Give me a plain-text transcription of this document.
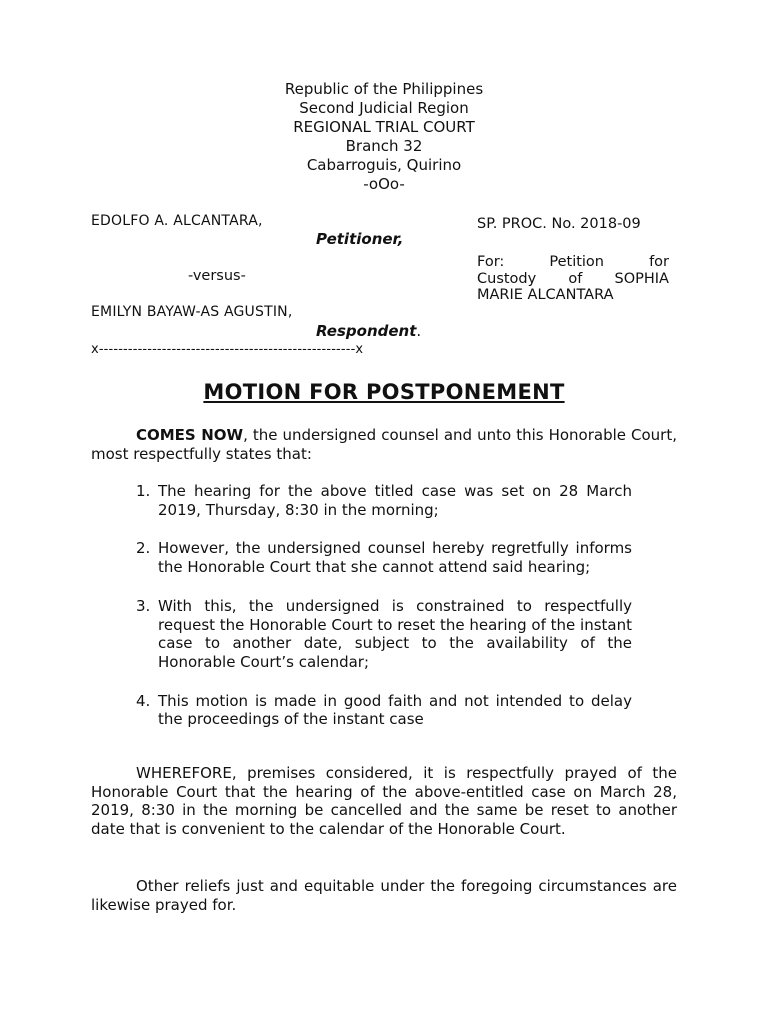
Republic of the Philippines
Second Judicial Region
REGIONAL TRIAL COURT
Branch 32
Cabarroguis, Quirino
-oOo-
EDOLFO A. ALCANTARA,
Petitioner,
-versus-
EMILYN BAYAW-AS AGUSTIN,
Respondent.
SP. PROC. No. 2018-09
For:	Petition	for
Custody of SOPHIA
MARIE ALCANTARA
x-----------------------------------------------------x
MOTION FOR POSTPONEMENT
COMES NOW, the undersigned counsel and unto this Honorable Court, most respectfully states that:
1. The hearing for the above titled case was set on 28 March 2019, Thursday, 8:30 in the morning;
2. However, the undersigned counsel hereby regretfully informs the Honorable Court that she cannot attend said hearing;
3. With this, the undersigned is constrained to respectfully request the Honorable Court to reset the hearing of the instant case to another date, subject to the availability of the Honorable Court’s calendar;
4. This motion is made in good faith and not intended to delay the proceedings of the instant case
WHEREFORE, premises considered, it is respectfully prayed of the Honorable Court that the hearing of the above-entitled case on March 28, 2019, 8:30 in the morning be cancelled and the same be reset to another date that is convenient to the calendar of the Honorable Court.
Other reliefs just and equitable under the foregoing circumstances are likewise prayed for.
